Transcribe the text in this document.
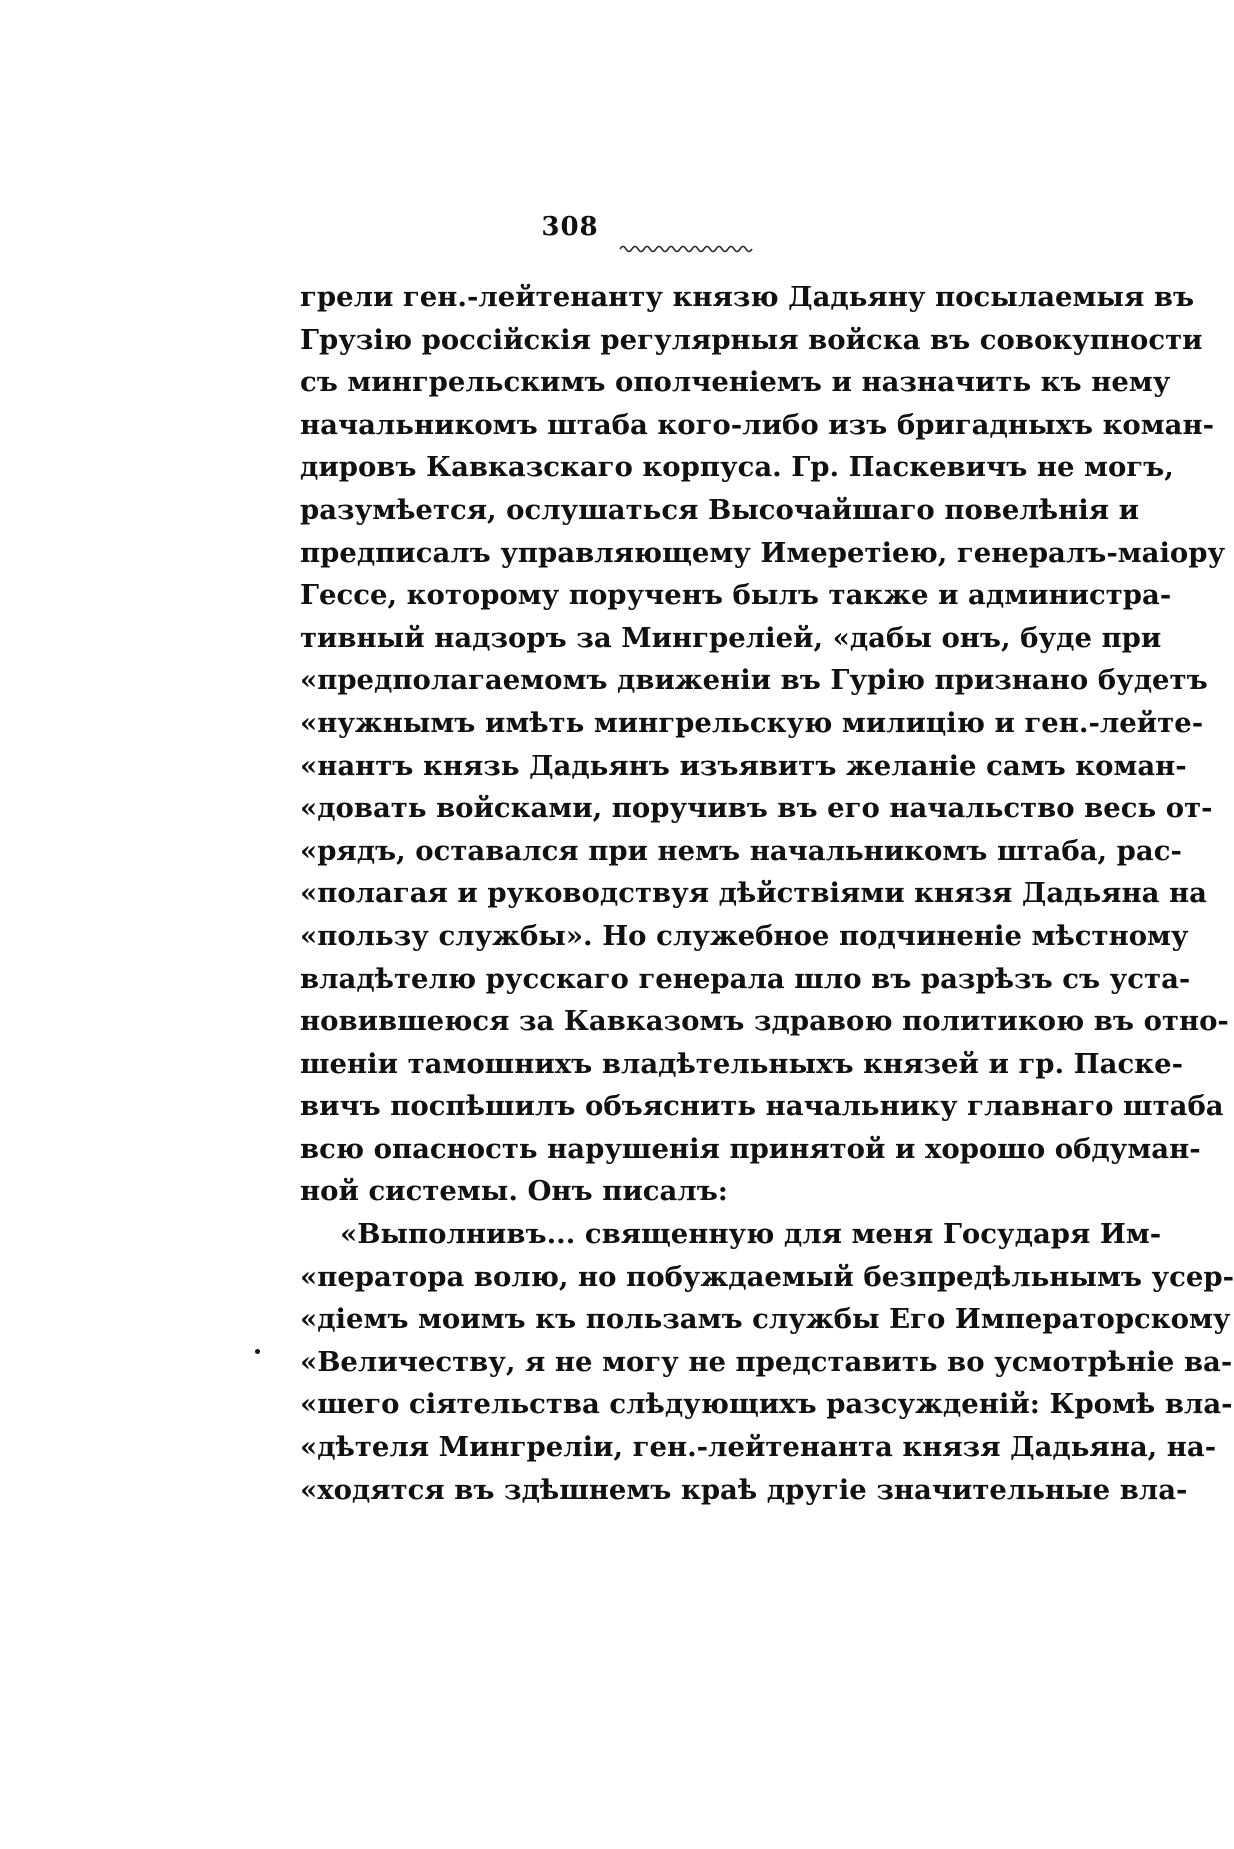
308
грели ген.-лейтенанту князю Дадьяну посылаемыя въ
Грузію россійскія регулярныя войска въ совокупности
съ мингрельскимъ ополченіемъ и назначить къ нему
начальникомъ штаба кого-либо изъ бригадныхъ коман-
дировъ Кавказскаго корпуса. Гр. Паскевичъ не могъ,
разумѣется, ослушаться Высочайшаго повелѣнія и
предписалъ управляющему Имеретіею, генералъ-маіору
Гессе, которому порученъ былъ также и администра-
тивный надзоръ за Мингреліей, «дабы онъ, буде при
«предполагаемомъ движеніи въ Гурію признано будетъ
«нужнымъ имѣть мингрельскую милицію и ген.-лейте-
«нантъ князь Дадьянъ изъявитъ желаніе самъ коман-
«довать войсками, поручивъ въ его начальство весь от-
«рядъ, оставался при немъ начальникомъ штаба, рас-
«полагая и руководствуя дѣйствіями князя Дадьяна на
«пользу службы». Но служебное подчиненіе мѣстному
владѣтелю русскаго генерала шло въ разрѣзъ съ уста-
новившеюся за Кавказомъ здравою политикою въ отно-
шеніи тамошнихъ владѣтельныхъ князей и гр. Паске-
вичъ поспѣшилъ объяснить начальнику главнаго штаба
всю опасность нарушенія принятой и хорошо обдуман-
ной системы. Онъ писалъ:
«Выполнивъ... священную для меня Государя Им-
«ператора волю, но побуждаемый безпредѣльнымъ усер-
«діемъ моимъ къ пользамъ службы Его Императорскому
«Величеству, я не могу не представить во усмотрѣніе ва-
«шего сіятельства слѣдующихъ разсужденій: Кромѣ вла-
«дѣтеля Мингреліи, ген.-лейтенанта князя Дадьяна, на-
«ходятся въ здѣшнемъ краѣ другіе значительные вла-
